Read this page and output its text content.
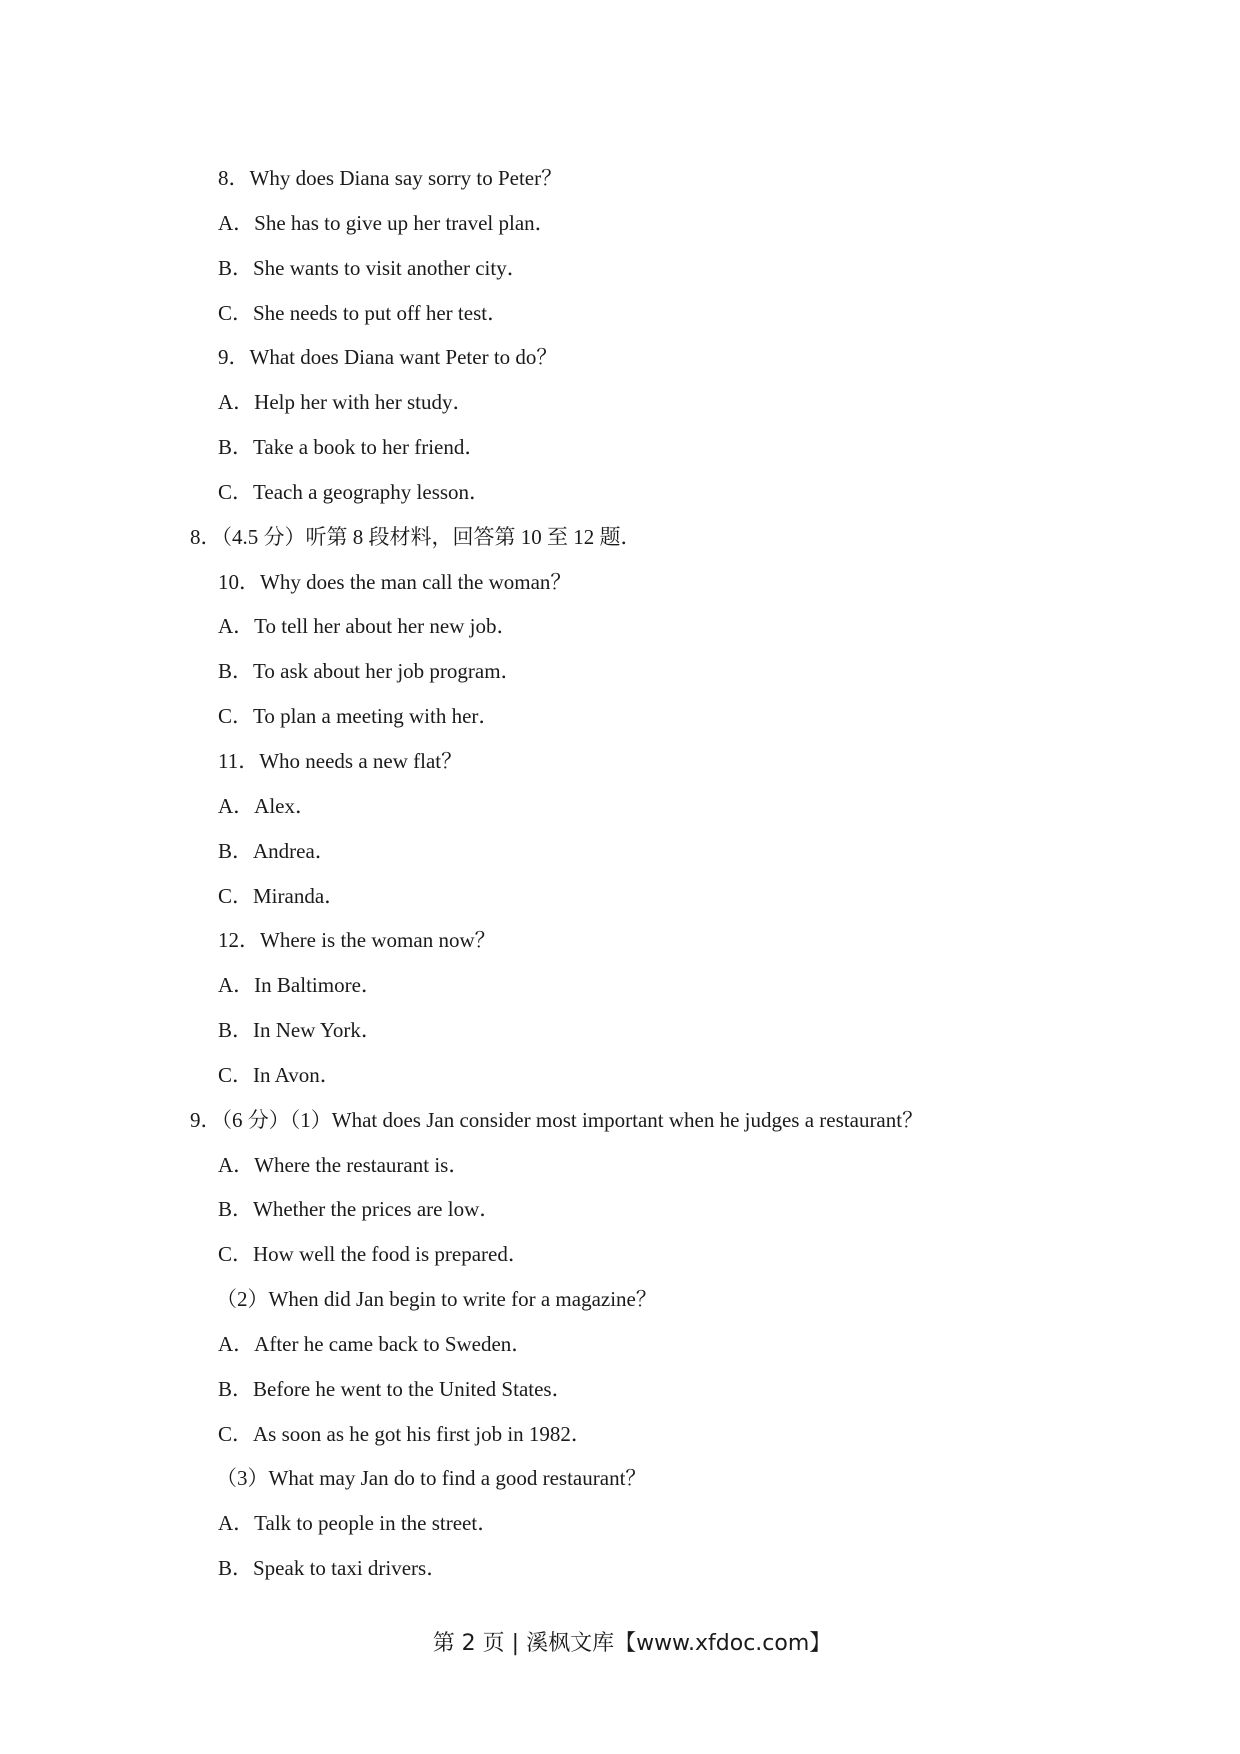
8．Why does Diana say sorry to Peter？
A．She has to give up her travel plan．
B．She wants to visit another city．
C．She needs to put off her test．
9．What does Diana want Peter to do？
A．Help her with her study．
B．Take a book to her friend．
C．Teach a geography lesson．
8．（4.5 分）听第 8 段材料，回答第 10 至 12 题．
10．Why does the man call the woman？
A．To tell her about her new job．
B．To ask about her job program．
C．To plan a meeting with her．
11．Who needs a new flat？
A．Alex．
B．Andrea．
C．Miranda．
12．Where is the woman now？
A．In Baltimore．
B．In New York．
C．In Avon．
9．（6 分）（1）What does Jan consider most important when he judges a restaurant？
A．Where the restaurant is．
B．Whether the prices are low．
C．How well the food is prepared．
（2）When did Jan begin to write for a magazine？
A．After he came back to Sweden．
B．Before he went to the United States．
C．As soon as he got his first job in 1982．
（3）What may Jan do to find a good restaurant？
A．Talk to people in the street．
B．Speak to taxi drivers．
第 2 页 | 溪枫文库【www.xfdoc.com】
